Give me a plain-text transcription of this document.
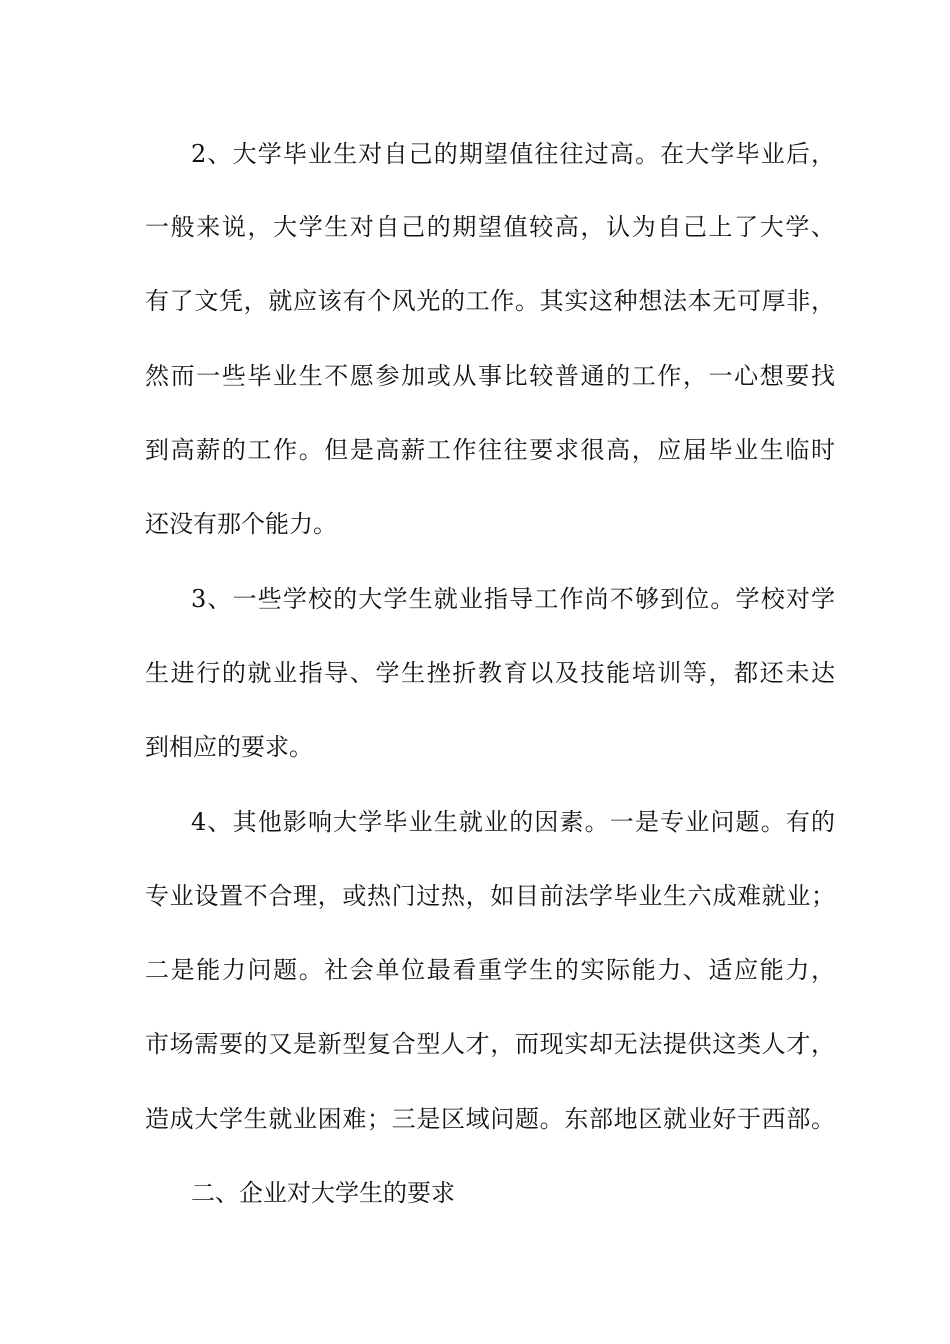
2、大学毕业生对自己的期望值往往过高。在大学毕业后，
一般来说，大学生对自己的期望值较高，认为自己上了大学、
有了文凭，就应该有个风光的工作。其实这种想法本无可厚非，
然而一些毕业生不愿参加或从事比较普通的工作，一心想要找
到高薪的工作。但是高薪工作往往要求很高，应届毕业生临时
还没有那个能力。
3、一些学校的大学生就业指导工作尚不够到位。学校对学
生进行的就业指导、学生挫折教育以及技能培训等，都还未达
到相应的要求。
4、其他影响大学毕业生就业的因素。一是专业问题。有的
专业设置不合理，或热门过热，如目前法学毕业生六成难就业；
二是能力问题。社会单位最看重学生的实际能力、适应能力，
市场需要的又是新型复合型人才，而现实却无法提供这类人才，
造成大学生就业困难；三是区域问题。东部地区就业好于西部。
二、企业对大学生的要求
